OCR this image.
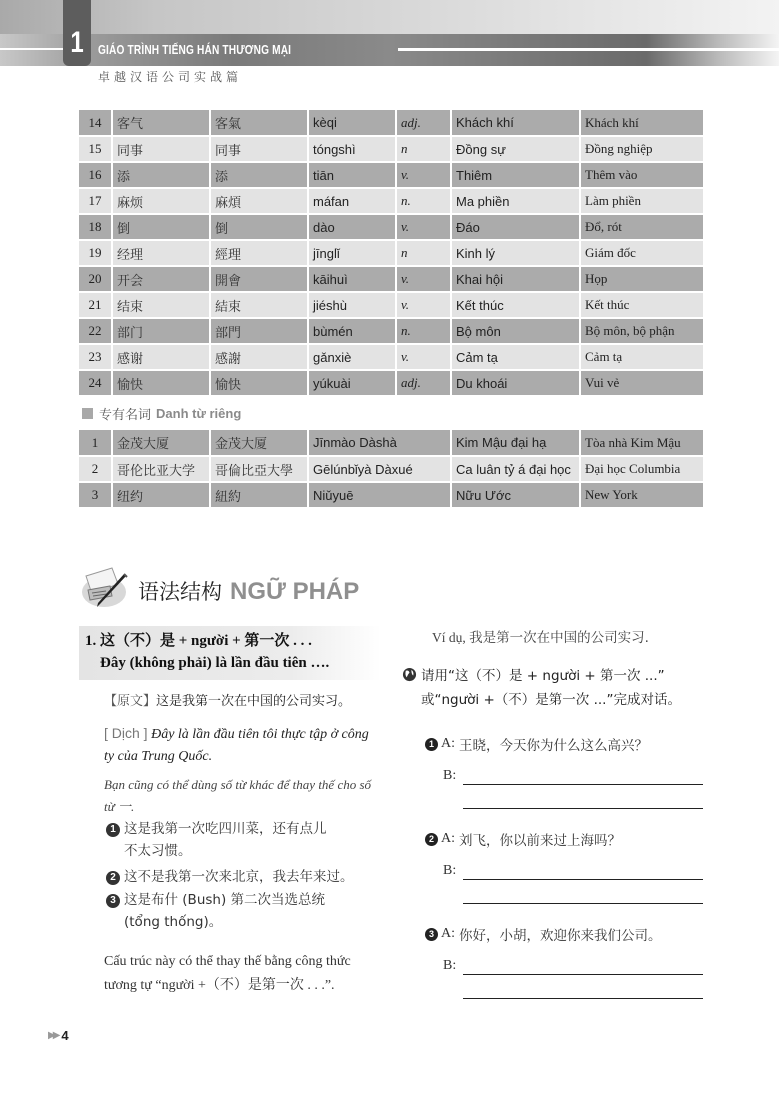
1	GIÁO TRÌNH TIẾNG HÁN THƯƠNG MẠI
卓越汉语公司实战篇
14	客气	客氣	kèqi	adj.	Khách khí	Khách khí
15	同事	同事	tóngshì	n	Đồng sự	Đồng nghiệp
16	添	添	tiān	v.	Thiêm	Thêm vào
17	麻烦	麻煩	máfan	n.	Ma phiền	Làm phiền
18	倒	倒	dào	v.	Đáo	Đổ, rót
19	经理	經理	jīnglǐ	n	Kinh lý	Giám đốc
20	开会	開會	kāihuì	v.	Khai hội	Họp
21	结束	結束	jiéshù	v.	Kết thúc	Kết thúc
22	部门	部門	bùmén	n.	Bộ môn	Bộ môn, bộ phận
23	感谢	感謝	gǎnxiè	v.	Cảm tạ	Cảm tạ
24	愉快	愉快	yúkuài	adj.	Du khoái	Vui vẻ
专有名词 Danh từ riêng
1	金茂大厦	金茂大厦	Jīnmào Dàshà	Kim Mậu đại hạ	Tòa nhà Kim Mậu
2	哥伦比亚大学	哥倫比亞大學	Gēlúnbǐyà Dàxué	Ca luân tỷ á đại học	Đại học Columbia
3	纽约	紐約	Niǔyuē	Nữu Ước	New York
语法结构 NGỮ PHÁP
1. 这（不）是 + người + 第一次 . . .
Đây (không phải) là lần đầu tiên ….
【原文】这是我第一次在中国的公司实习。
[ Dịch ] Đây là lần đầu tiên tôi thực tập ở công ty của Trung Quốc.
Bạn cũng có thể dùng số từ khác để thay thế cho số từ 一.
1 这是我第一次吃四川菜，还有点儿
不太习惯。
2 这不是我第一次来北京，我去年来过。
3 这是布什 (Bush) 第二次当选总统
(tổng thống)。
Cấu trúc này có thể thay thế bằng công thức tương tự “người +（不）是第一次 . . .”.
Ví dụ, 我是第一次在中国的公司实习.
请用“这（不）是 + người + 第一次 ...”
或“người +（不）是第一次 ...”完成对话。
1 A: 王晓，今天你为什么这么高兴？
B:
2 A: 刘飞，你以前来过上海吗？
B:
3 A: 你好，小胡，欢迎你来我们公司。
B:
▶▶ 4
